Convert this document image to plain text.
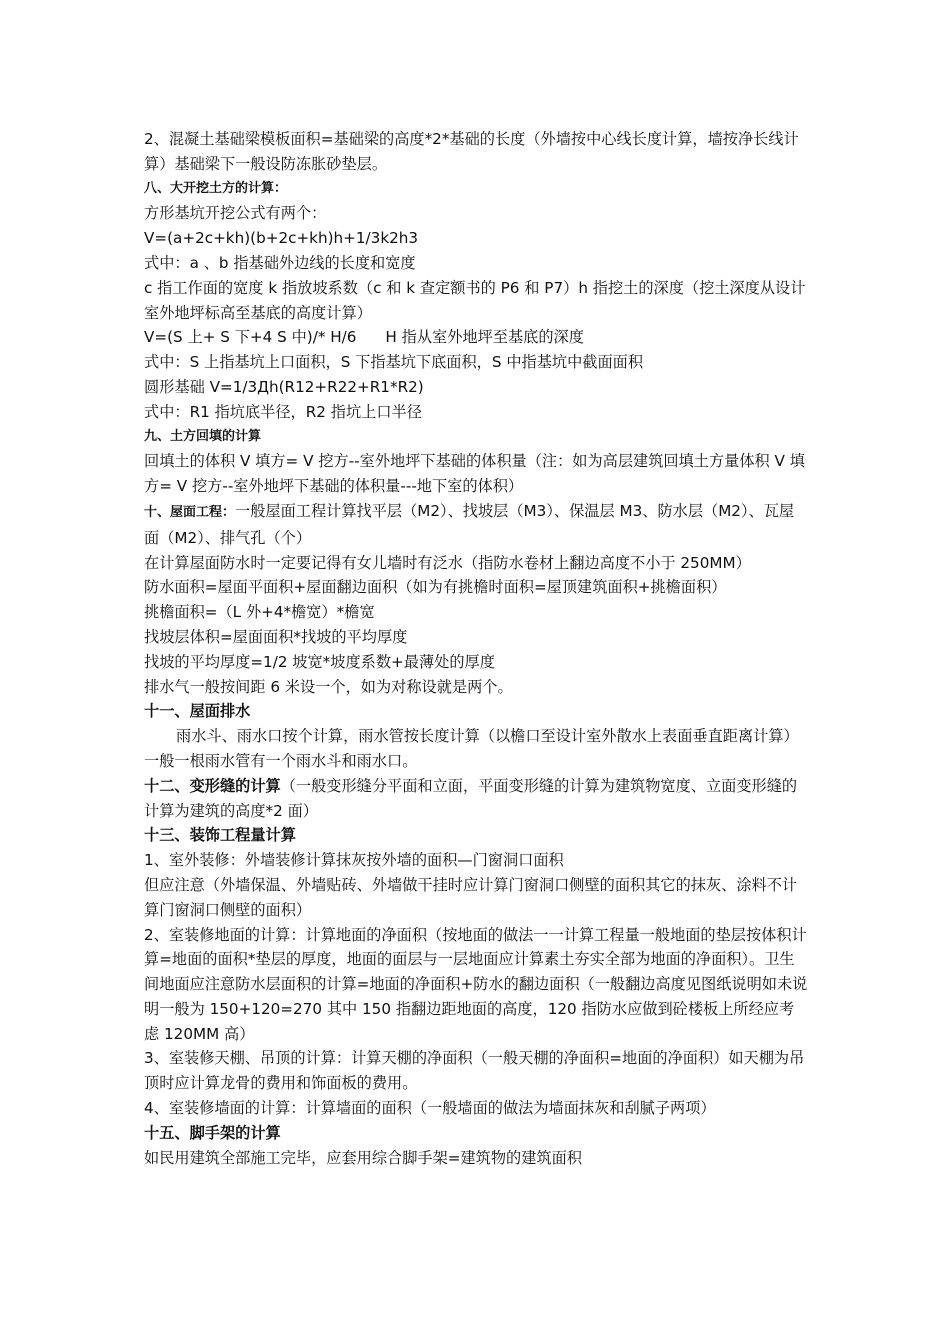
2、混凝土基础梁模板面积=基础梁的高度*2*基础的长度（外墙按中心线长度计算，墙按净长线计算）基础梁下一般设防冻胀砂垫层。

八、大开挖土方的计算：

方形基坑开挖公式有两个：

V=(a+2c+kh)(b+2c+kh)h+1/3k2h3

式中：a 、b 指基础外边线的长度和宽度

c 指工作面的宽度 k 指放坡系数（c 和 k 查定额书的 P6 和 P7）h 指挖土的深度（挖土深度从设计室外地坪标高至基底的高度计算）

V=(S 上+ S 下+4 S 中)/* H/6      H 指从室外地坪至基底的深度

式中：S 上指基坑上口面积，S 下指基坑下底面积，S 中指基坑中截面面积

圆形基础 V=1/3Дh(R12+R22+R1*R2)

式中：R1 指坑底半径，R2 指坑上口半径

九、土方回填的计算

回填土的体积 V 填方= V 挖方--室外地坪下基础的体积量（注：如为高层建筑回填土方量体积 V 填方= V 挖方--室外地坪下基础的体积量---地下室的体积）

十、屋面工程：一般屋面工程计算找平层（M2）、找坡层（M3）、保温层 M3、防水层（M2）、瓦屋面（M2）、排气孔（个）

在计算屋面防水时一定要记得有女儿墙时有泛水（指防水卷材上翻边高度不小于 250MM）

防水面积=屋面平面积+屋面翻边面积（如为有挑檐时面积=屋顶建筑面积+挑檐面积）

挑檐面积=（L 外+4*檐宽）*檐宽

找坡层体积=屋面面积*找坡的平均厚度

找坡的平均厚度=1/2 坡宽*坡度系数+最薄处的厚度

排水气一般按间距 6 米设一个，如为对称设就是两个。

十一、屋面排水

雨水斗、雨水口按个计算，雨水管按长度计算（以檐口至设计室外散水上表面垂直距离计算）一般一根雨水管有一个雨水斗和雨水口。

十二、变形缝的计算（一般变形缝分平面和立面，平面变形缝的计算为建筑物宽度、立面变形缝的计算为建筑的高度*2 面）

十三、装饰工程量计算

1、室外装修：外墙装修计算抹灰按外墙的面积—门窗洞口面积

但应注意（外墙保温、外墙贴砖、外墙做干挂时应计算门窗洞口侧壁的面积其它的抹灰、涂料不计算门窗洞口侧壁的面积）

2、室装修地面的计算：计算地面的净面积（按地面的做法一一计算工程量一般地面的垫层按体积计算=地面的面积*垫层的厚度，地面的面层与一层地面应计算素土夯实全部为地面的净面积）。卫生间地面应注意防水层面积的计算=地面的净面积+防水的翻边面积（一般翻边高度见图纸说明如未说明一般为 150+120=270 其中 150 指翻边距地面的高度，120 指防水应做到砼楼板上所经应考虑 120MM 高）

3、室装修天棚、吊顶的计算：计算天棚的净面积（一般天棚的净面积=地面的净面积）如天棚为吊顶时应计算龙骨的费用和饰面板的费用。

4、室装修墙面的计算：计算墙面的面积（一般墙面的做法为墙面抹灰和刮腻子两项）

十五、脚手架的计算

如民用建筑全部施工完毕，应套用综合脚手架=建筑物的建筑面积
